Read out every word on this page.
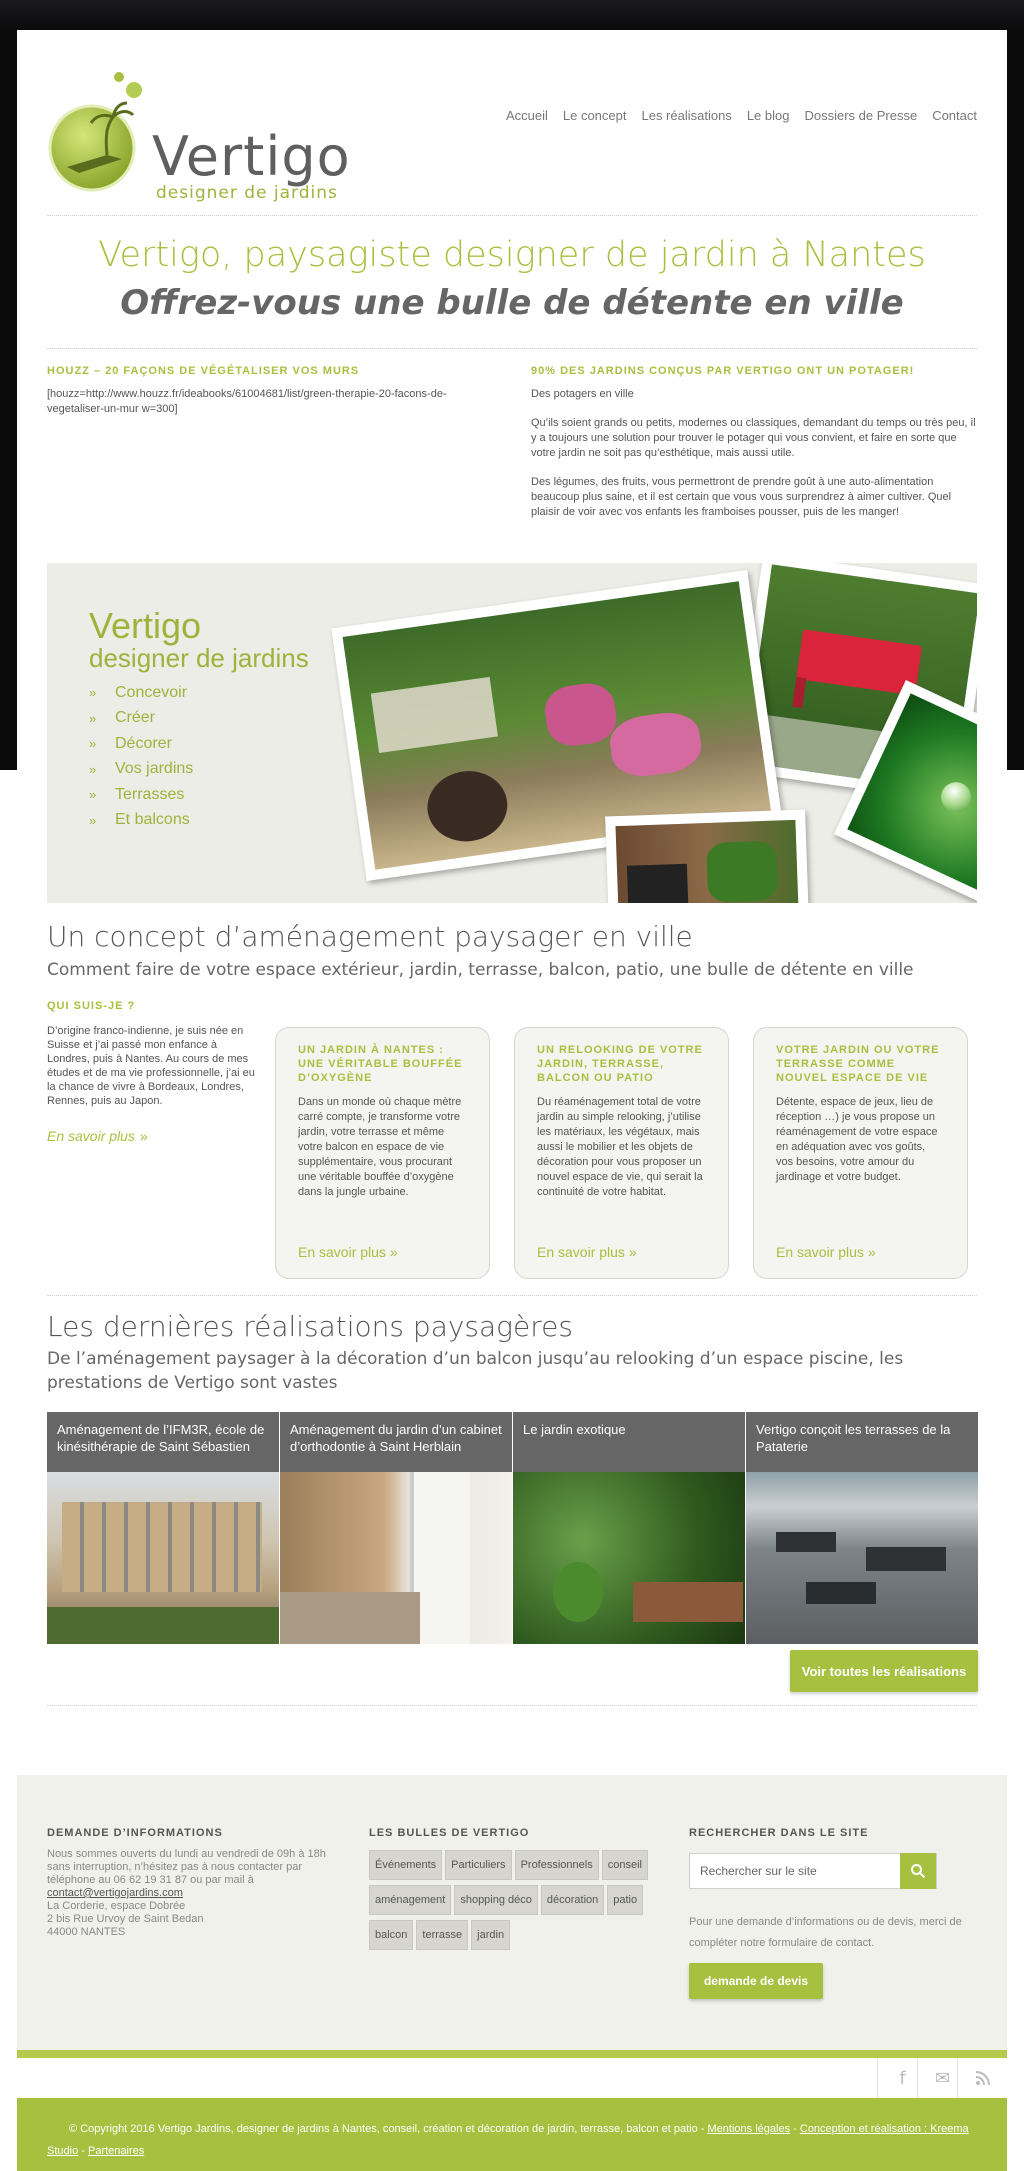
Vertigo
designer de jardins
Accueil Le concept Les réalisations Le blog Dossiers de Presse Contact
Vertigo, paysagiste designer de jardin à Nantes
Offrez-vous une bulle de détente en ville
HOUZZ – 20 FAÇONS DE VÉGÉTALISER VOS MURS
[houzz=http://www.houzz.fr/ideabooks/61004681/list/green-therapie-20-facons-de-vegetaliser-un-mur w=300]
90% DES JARDINS CONÇUS PAR VERTIGO ONT UN POTAGER!
Des potagers en ville
Qu’ils soient grands ou petits, modernes ou classiques, demandant du temps ou très peu, il y a toujours une solution pour trouver le potager qui vous convient, et faire en sorte que votre jardin ne soit pas qu’esthétique, mais aussi utile.
Des légumes, des fruits, vous permettront de prendre goût à une auto-alimentation beaucoup plus saine, et il est certain que vous vous surprendrez à aimer cultiver. Quel plaisir de voir avec vos enfants les framboises pousser, puis de les manger!
Vertigo
designer de jardins
»	Concevoir
»	Créer
»	Décorer
»	Vos jardins
»	Terrasses
»	Et balcons
Un concept d’aménagement paysager en ville
Comment faire de votre espace extérieur, jardin, terrasse, balcon, patio, une bulle de détente en ville
QUI SUIS-JE ?
D’origine franco-indienne, je suis née en Suisse et j’ai passé mon enfance à Londres, puis à Nantes. Au cours de mes études et de ma vie professionnelle, j’ai eu la chance de vivre à Bordeaux, Londres, Rennes, puis au Japon.
En savoir plus »
UN JARDIN À NANTES : UNE VÉRITABLE BOUFFÉE D’OXYGÈNE
Dans un monde où chaque mètre carré compte, je transforme votre jardin, votre terrasse et même votre balcon en espace de vie supplémentaire, vous procurant une véritable bouffée d’oxygène dans la jungle urbaine.
En savoir plus »
UN RELOOKING DE VOTRE JARDIN, TERRASSE, BALCON OU PATIO
Du réaménagement total de votre jardin au simple relooking, j’utilise les matériaux, les végétaux, mais aussi le mobilier et les objets de décoration pour vous proposer un nouvel espace de vie, qui serait la continuité de votre habitat.
En savoir plus »
VOTRE JARDIN OU VOTRE TERRASSE COMME NOUVEL ESPACE DE VIE
Détente, espace de jeux, lieu de réception …) je vous propose un réaménagement de votre espace en adéquation avec vos goûts, vos besoins, votre amour du jardinage et votre budget.
En savoir plus »
Les dernières réalisations paysagères
De l’aménagement paysager à la décoration d’un balcon jusqu’au relooking d’un espace piscine, les prestations de Vertigo sont vastes
Aménagement de l’IFM3R, école de kinésithérapie de Saint Sébastien
Aménagement du jardin d’un cabinet d’orthodontie à Saint Herblain
Le jardin exotique	Vertigo conçoit les terrasses de la Pataterie
Voir toutes les réalisations
DEMANDE D’INFORMATIONS
Nous sommes ouverts du lundi au vendredi de 09h à 18h sans interruption, n’hésitez pas à nous contacter par téléphone au 06 62 19 31 87 ou par mail à
contact@vertigojardins.com
La Corderie, espace Dobrée
2 bis Rue Urvoy de Saint Bedan
44000 NANTES
LES BULLES DE VERTIGO
Événements	Particuliers	Professionnels	conseil
aménagement	shopping déco	décoration	patio
balcon	terrasse	jardin
RECHERCHER DANS LE SITE
Rechercher sur le site
Pour une demande d’informations ou de devis, merci de compléter notre formulaire de contact.
demande de devis
f	✉
© Copyright 2016 Vertigo Jardins, designer de jardins à Nantes, conseil, création et décoration de jardin, terrasse, balcon et patio - Mentions légales - Conception et réalisation : Kreema Studio - Partenaires
